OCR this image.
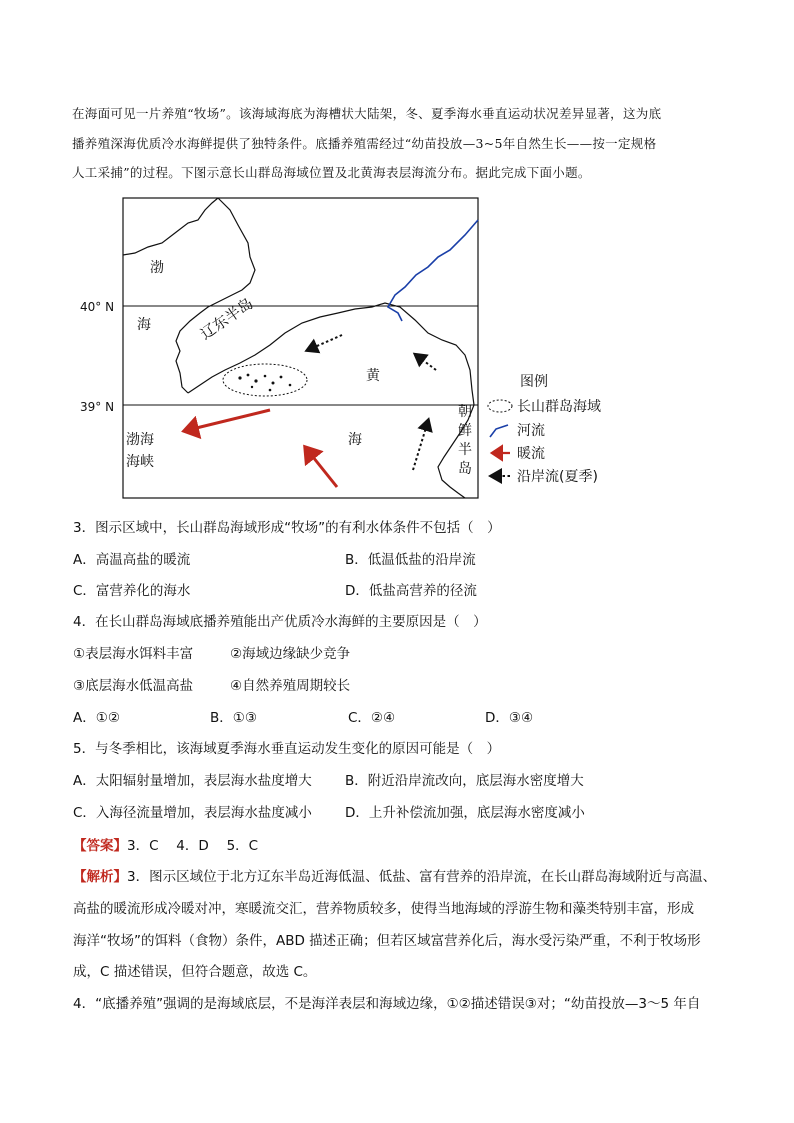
在海面可见一片养殖“牧场”。该海域海底为海槽状大陆架，冬、夏季海水垂直运动状况差异显著，这为底
播养殖深海优质冷水海鲜提供了独特条件。底播养殖需经过“幼苗投放—3~5年自然生长——按一定规格
人工采捕”的过程。下图示意长山群岛海域位置及北黄海表层海流分布。据此完成下面小题。
40° N
39° N
渤
海	辽东半岛
黄
海
渤海
海峡
朝
鲜
半
岛
图例
长山群岛海域
河流
暖流
沿岸流(夏季)
3．图示区域中，长山群岛海域形成“牧场”的有利水体条件不包括（　）
A．高温高盐的暖流	B．低温低盐的沿岸流
C．富营养化的海水	D．低盐高营养的径流
4．在长山群岛海域底播养殖能出产优质冷水海鲜的主要原因是（　）
①表层海水饵料丰富	②海域边缘缺少竞争
③底层海水低温高盐	④自然养殖周期较长
A．①②	B．①③	C．②④	D．③④
5．与冬季相比，该海域夏季海水垂直运动发生变化的原因可能是（　）
A．太阳辐射量增加，表层海水盐度增大 B．附近沿岸流改向，底层海水密度增大
C．入海径流量增加，表层海水盐度减小 D．上升补偿流加强，底层海水密度减小
【答案】3．C　 4．D　 5．C
【解析】3．图示区域位于北方辽东半岛近海低温、低盐、富有营养的沿岸流，在长山群岛海域附近与高温、
高盐的暖流形成冷暖对冲，寒暖流交汇，营养物质较多，使得当地海域的浮游生物和藻类特别丰富，形成
海洋“牧场”的饵料（食物）条件，ABD 描述正确；但若区域富营养化后，海水受污染严重，不利于牧场形
成，C 描述错误，但符合题意，故选 C。
4．“底播养殖”强调的是海域底层，不是海洋表层和海域边缘，①②描述错误③对；“幼苗投放—3～5 年自
